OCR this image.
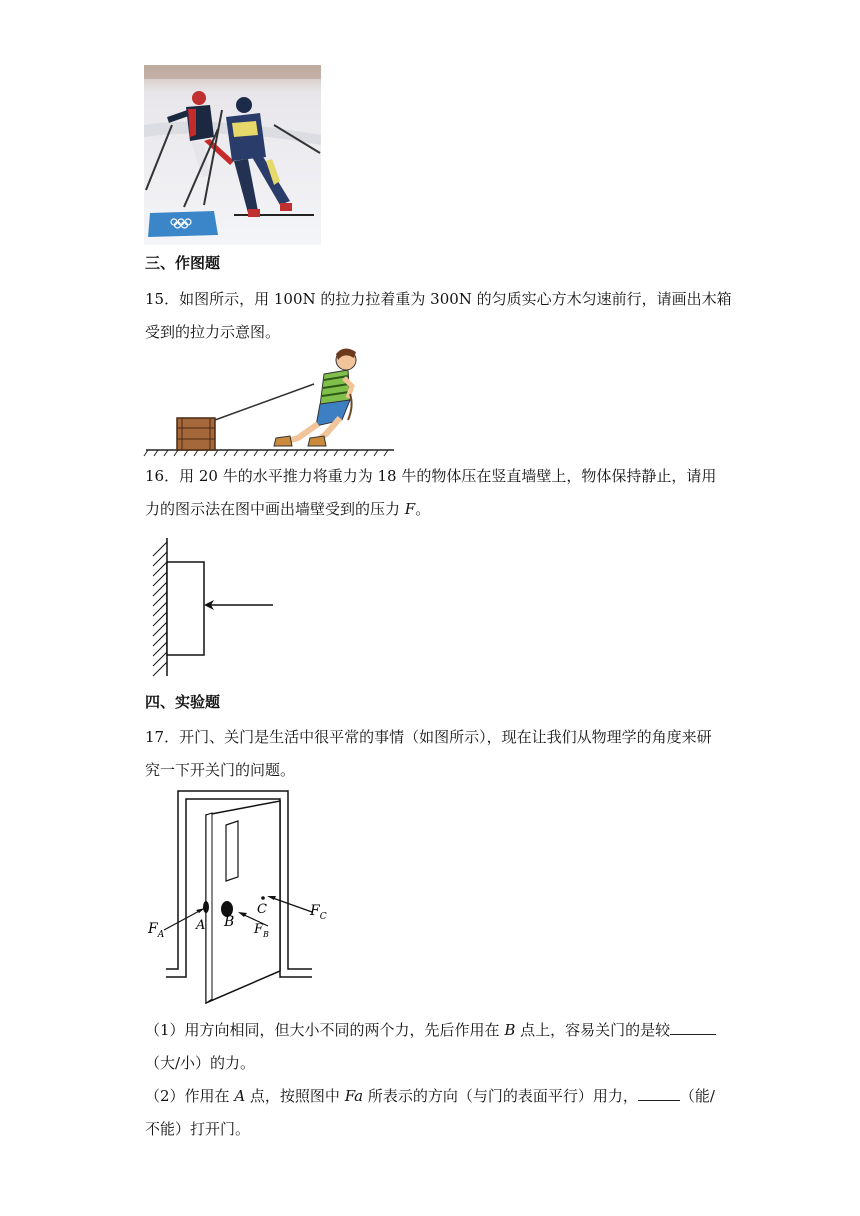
三、作图题
15．如图所示，用 100N 的拉力拉着重为 300N 的匀质实心方木匀速前行，请画出木箱
受到的拉力示意图。
16．用 20 牛的水平推力将重力为 18 牛的物体压在竖直墙壁上，物体保持静止，请用
力的图示法在图中画出墙壁受到的压力 F。
四、实验题
17．开门、关门是生活中很平常的事情（如图所示），现在让我们从物理学的角度来研
究一下开关门的问题。
$F_A$
A B
C
$F_B$
$F_C$
（1）用方向相同，但大小不同的两个力，先后作用在 B 点上，容易关门的是较
（大/小）的力。
（2）作用在 A 点，按照图中 Fa 所表示的方向（与门的表面平行）用力，	（能/
不能）打开门。
